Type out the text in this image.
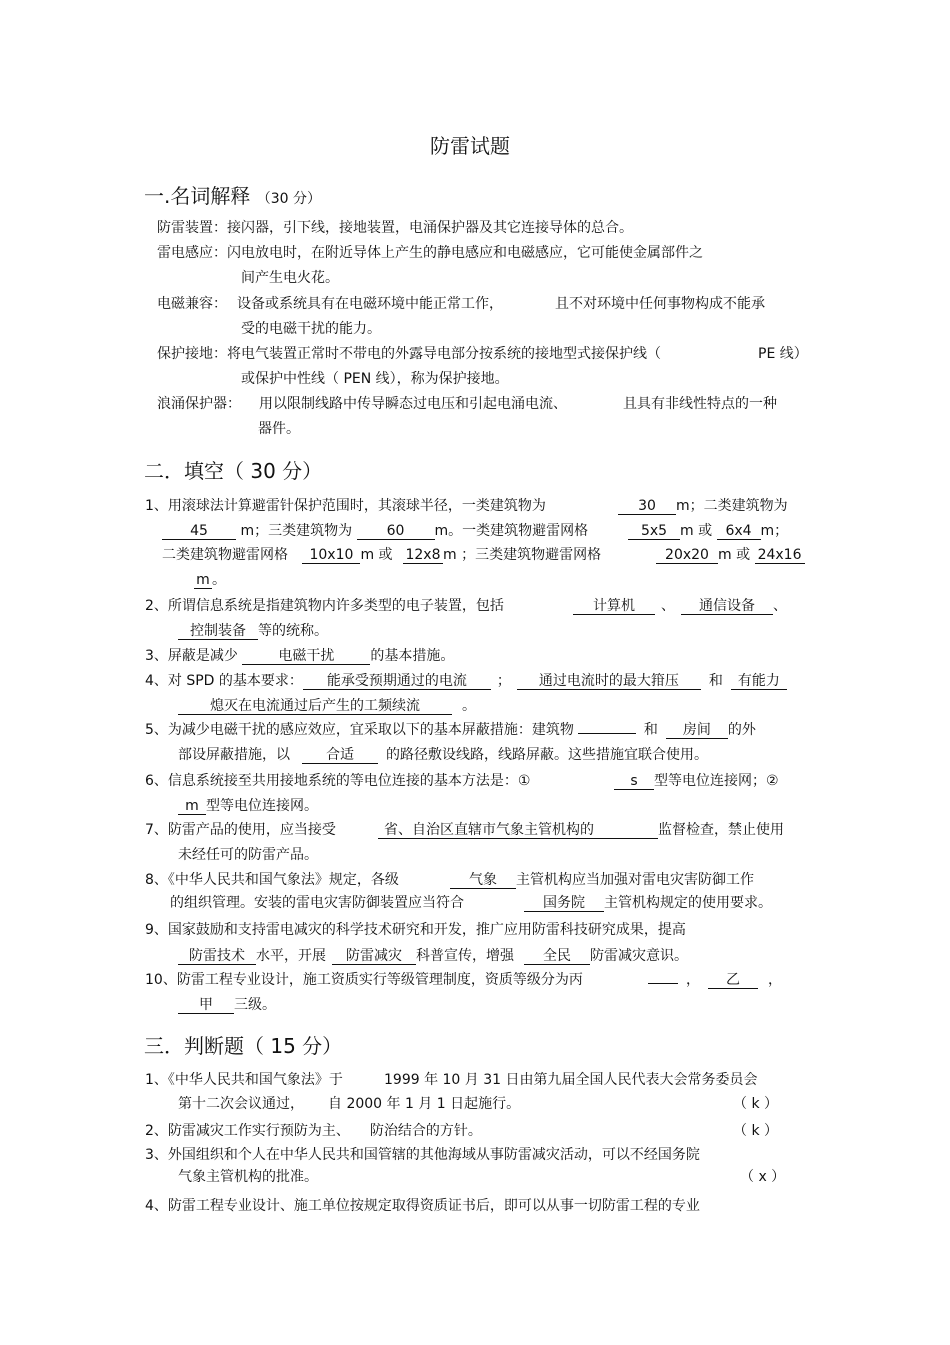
防雷试题
一.名词解释 （30 分）
防雷装置：接闪器，引下线，接地装置，电涌保护器及其它连接导体的总合。
雷电感应：闪电放电时，在附近导体上产生的静电感应和电磁感应，它可能使金属部件之
间产生电火花。
电磁兼容： 设备或系统具有在电磁环境中能正常工作，	且不对环境中任何事物构成不能承
受的电磁干扰的能力。
保护接地：将电气装置正常时不带电的外露导电部分按系统的接地型式接保护线（	PE 线）
或保护中性线（ PEN 线），称为保护接地。
浪涌保护器： 用以限制线路中传导瞬态过电压和引起电涌电流、	且具有非线性特点的一种
器件。
二．填空（ 30 分）
1、用滚球法计算避雷针保护范围时，其滚球半径，一类建筑物为	30 m；二类建筑物为
45 m；三类建筑物为 60 m。一类建筑物避雷网格	5x5 m 或 6x4 m；
二类建筑物避雷网格 10x10 m 或 12x8 m ；三类建筑物避雷网格	20x20 m 或 24x16
m 。
2、所谓信息系统是指建筑物内许多类型的电子装置，包括	计算机 、 通信设备 、
控制装备 等的统称。
3、屏蔽是减少	电磁干扰	的基本措施。
4、对 SPD 的基本要求： 能承受预期通过的电流 ； 通过电流时的最大箝压 和 有能力
熄灭在电流通过后产生的工频续流	。
5、为减少电磁干扰的感应效应，宜采取以下的基本屏蔽措施：建筑物	和 房间 的外
部设屏蔽措施，以	合适 的路径敷设线路，线路屏蔽。这些措施宜联合使用。
6、信息系统接至共用接地系统的等电位连接的基本方法是：①	s 型等电位连接网；②
m 型等电位连接网。
7、防雷产品的使用，应当接受	省、自治区直辖市气象主管机构的	监督检查，禁止使用
未经任可的防雷产品。
8、《中华人民共和国气象法》规定，各级	气象 主管机构应当加强对雷电灾害防御工作
的组织管理。安装的雷电灾害防御装置应当符合	国务院 主管机构规定的使用要求。
9、国家鼓励和支持雷电减灾的科学技术研究和开发，推广应用防雷科技研究成果，提高
防雷技术 水平，开展 防雷减灾 科普宣传，增强 全民 防雷减灾意识。
10、防雷工程专业设计，施工资质实行等级管理制度，资质等级分为丙	， 乙 ，
甲 三级。
三．判断题（ 15 分）
1、《中华人民共和国气象法》于	1999 年 10 月 31 日由第九届全国人民代表大会常务委员会
第十二次会议通过， 自 2000 年 1 月 1 日起施行。	（ k ）
2、防雷减灾工作实行预防为主、 防治结合的方针。	（ k ）
3、外国组织和个人在中华人民共和国管辖的其他海域从事防雷减灾活动，可以不经国务院
气象主管机构的批准。	（ x ）
4、防雷工程专业设计、施工单位按规定取得资质证书后，即可以从事一切防雷工程的专业
